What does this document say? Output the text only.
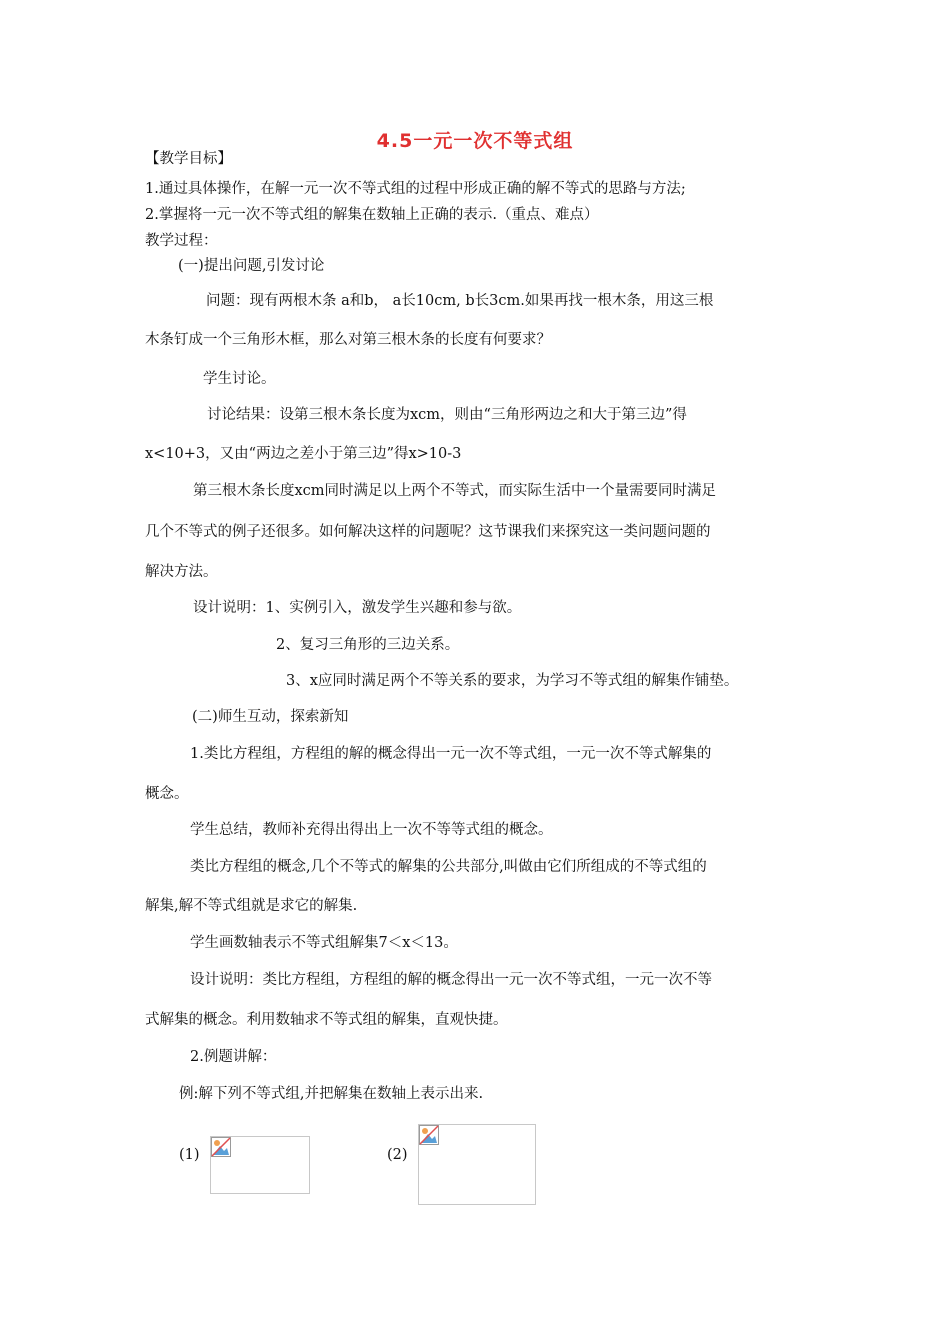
4.5一元一次不等式组
【教学目标】
1.通过具体操作，在解一元一次不等式组的过程中形成正确的解不等式的思路与方法;
2.掌握将一元一次不等式组的解集在数轴上正确的表示.（重点、难点）
教学过程：
(一)提出问题,引发讨论
问题：现有两根木条 a和b， a长10cm, b长3cm.如果再找一根木条，用这三根
木条钉成一个三角形木框，那么对第三根木条的长度有何要求？
学生讨论。
讨论结果：设第三根木条长度为xcm，则由“三角形两边之和大于第三边”得
x<10+3，又由“两边之差小于第三边”得x>10-3
第三根木条长度xcm同时满足以上两个不等式，而实际生活中一个量需要同时满足
几个不等式的例子还很多。如何解决这样的问题呢？这节课我们来探究这一类问题问题的
解决方法。
设计说明：1、实例引入，激发学生兴趣和参与欲。
2、复习三角形的三边关系。
3、x应同时满足两个不等关系的要求，为学习不等式组的解集作铺垫。
(二)师生互动，探索新知
1.类比方程组，方程组的解的概念得出一元一次不等式组，一元一次不等式解集的
概念。
学生总结，教师补充得出得出上一次不等等式组的概念。
类比方程组的概念,几个不等式的解集的公共部分,叫做由它们所组成的不等式组的
解集,解不等式组就是求它的解集.
学生画数轴表示不等式组解集7＜x＜13。
设计说明：类比方程组，方程组的解的概念得出一元一次不等式组，一元一次不等
式解集的概念。利用数轴求不等式组的解集，直观快捷。
2.例题讲解：
例:解下列不等式组,并把解集在数轴上表示出来.
(1)	(2)
